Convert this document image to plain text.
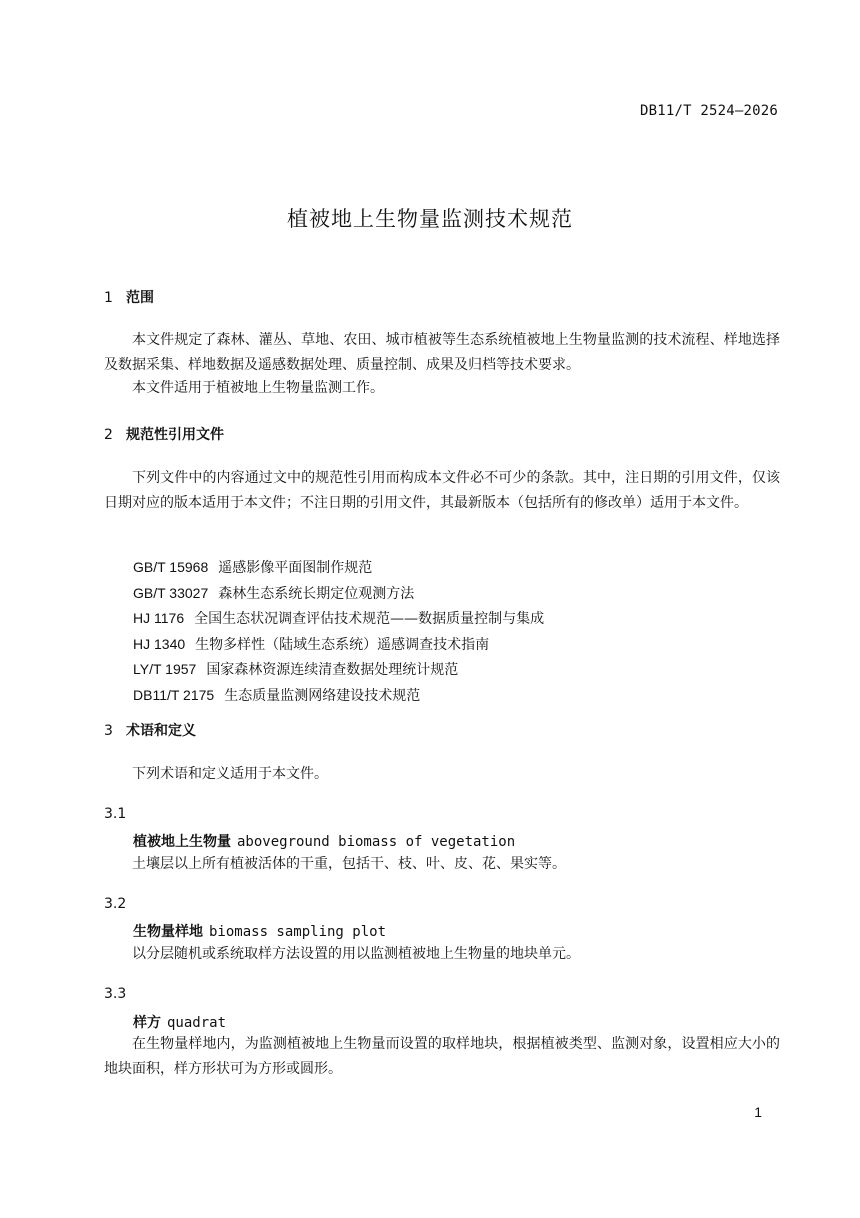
DB11/T 2524—2026
植被地上生物量监测技术规范
1 范围
本文件规定了森林、灌丛、草地、农田、城市植被等生态系统植被地上生物量监测的技术流程、样地选择及数据采集、样地数据及遥感数据处理、质量控制、成果及归档等技术要求。
本文件适用于植被地上生物量监测工作。
2 规范性引用文件
下列文件中的内容通过文中的规范性引用而构成本文件必不可少的条款。其中，注日期的引用文件，仅该日期对应的版本适用于本文件；不注日期的引用文件，其最新版本（包括所有的修改单）适用于本文件。
GB/T 15968 遥感影像平面图制作规范
GB/T 33027 森林生态系统长期定位观测方法
HJ 1176 全国生态状况调查评估技术规范——数据质量控制与集成
HJ 1340 生物多样性（陆域生态系统）遥感调查技术指南
LY/T 1957 国家森林资源连续清查数据处理统计规范
DB11/T 2175 生态质量监测网络建设技术规范
3 术语和定义
下列术语和定义适用于本文件。
3.1
植被地上生物量 aboveground biomass of vegetation
土壤层以上所有植被活体的干重，包括干、枝、叶、皮、花、果实等。
3.2
生物量样地 biomass sampling plot
以分层随机或系统取样方法设置的用以监测植被地上生物量的地块单元。
3.3
样方 quadrat
在生物量样地内，为监测植被地上生物量而设置的取样地块，根据植被类型、监测对象，设置相应大小的地块面积，样方形状可为方形或圆形。
1
